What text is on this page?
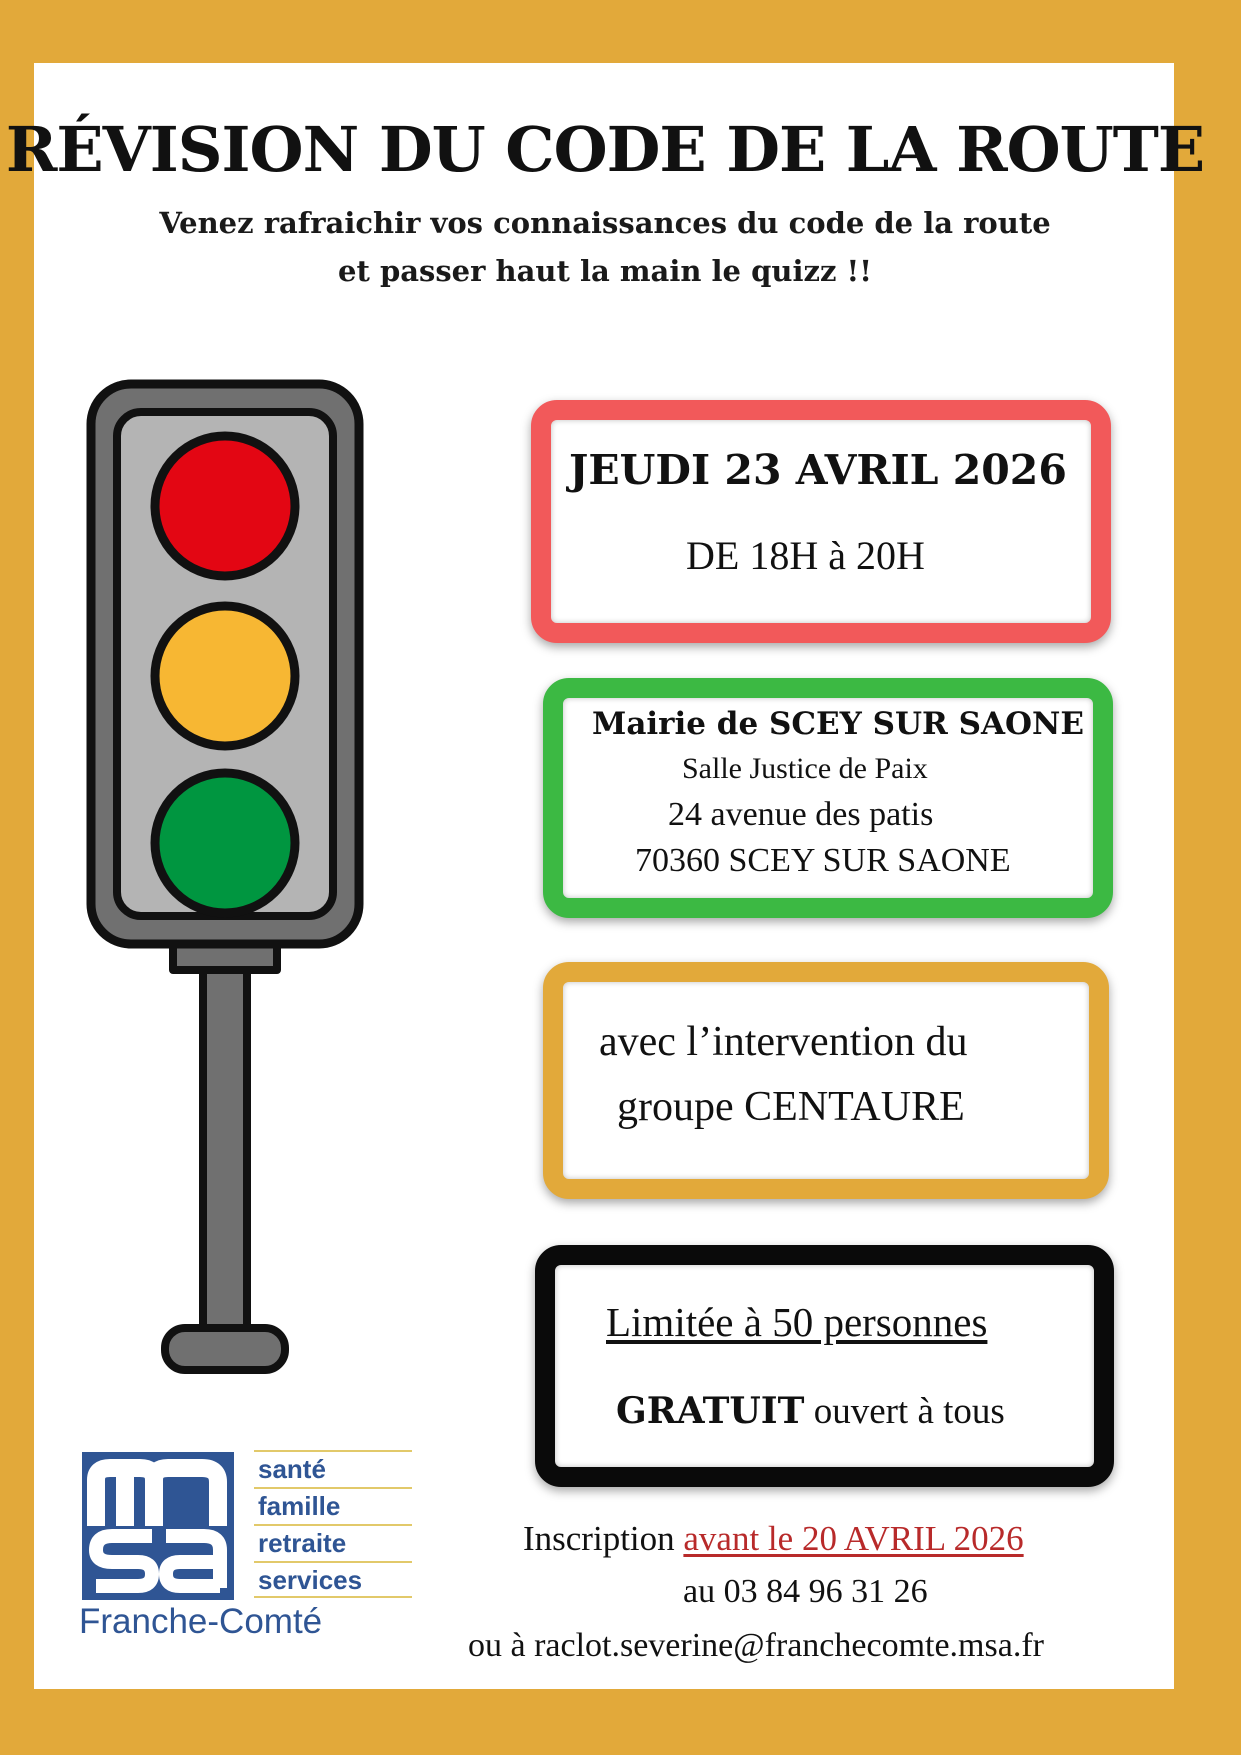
RÉVISION DU CODE DE LA ROUTE
Venez rafraichir vos connaissances du code de la route
et passer haut la main le quizz !!
JEUDI 23 AVRIL 2026
DE 18H à 20H
Mairie de SCEY SUR SAONE
Salle Justice de Paix
24 avenue des patis
70360 SCEY SUR SAONE
avec l’intervention du
groupe CENTAURE
Limitée à 50 personnes
GRATUIT ouvert à tous
Inscription avant le 20 AVRIL 2026
au 03 84 96 31 26
ou à raclot.severine@franchecomte.msa.fr
santé
famille
retraite
services
Franche-Comté
